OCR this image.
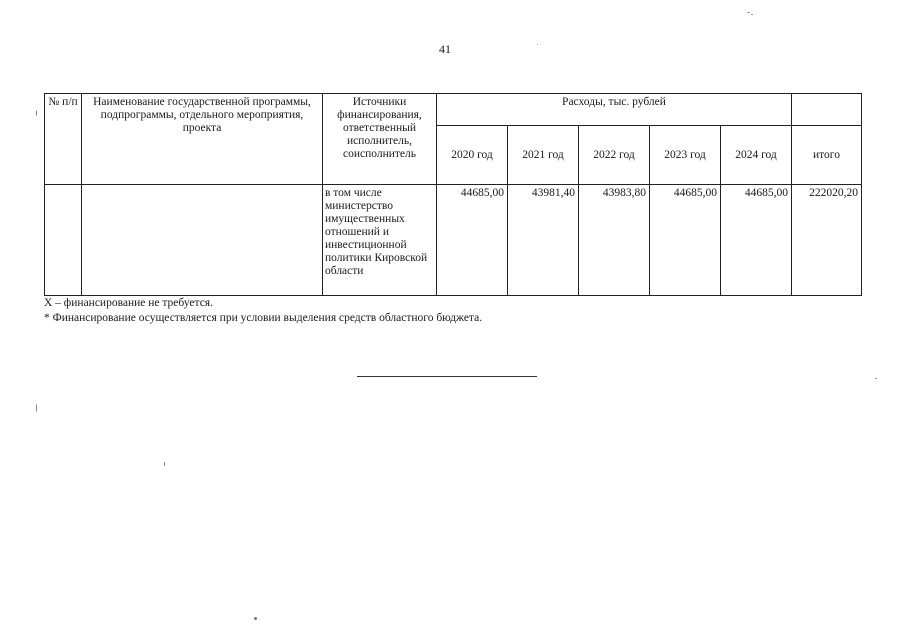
41
№ п/п	Наименование государственной программы, подпрограммы, отдельного мероприятия, проекта	Источники финансирования, ответственный исполнитель, соисполнитель	Расходы, тыс. рублей					
			2020 год	2021 год	2022 год	2023 год	2024 год	итого
		в том числе министерство имущественных отношений и инвестиционной политики Кировской области	44685,00	43981,40	43983,80	44685,00	44685,00	222020,20
Х – финансирование не требуется.
* Финансирование осуществляется при условии выделения средств областного бюджета.
